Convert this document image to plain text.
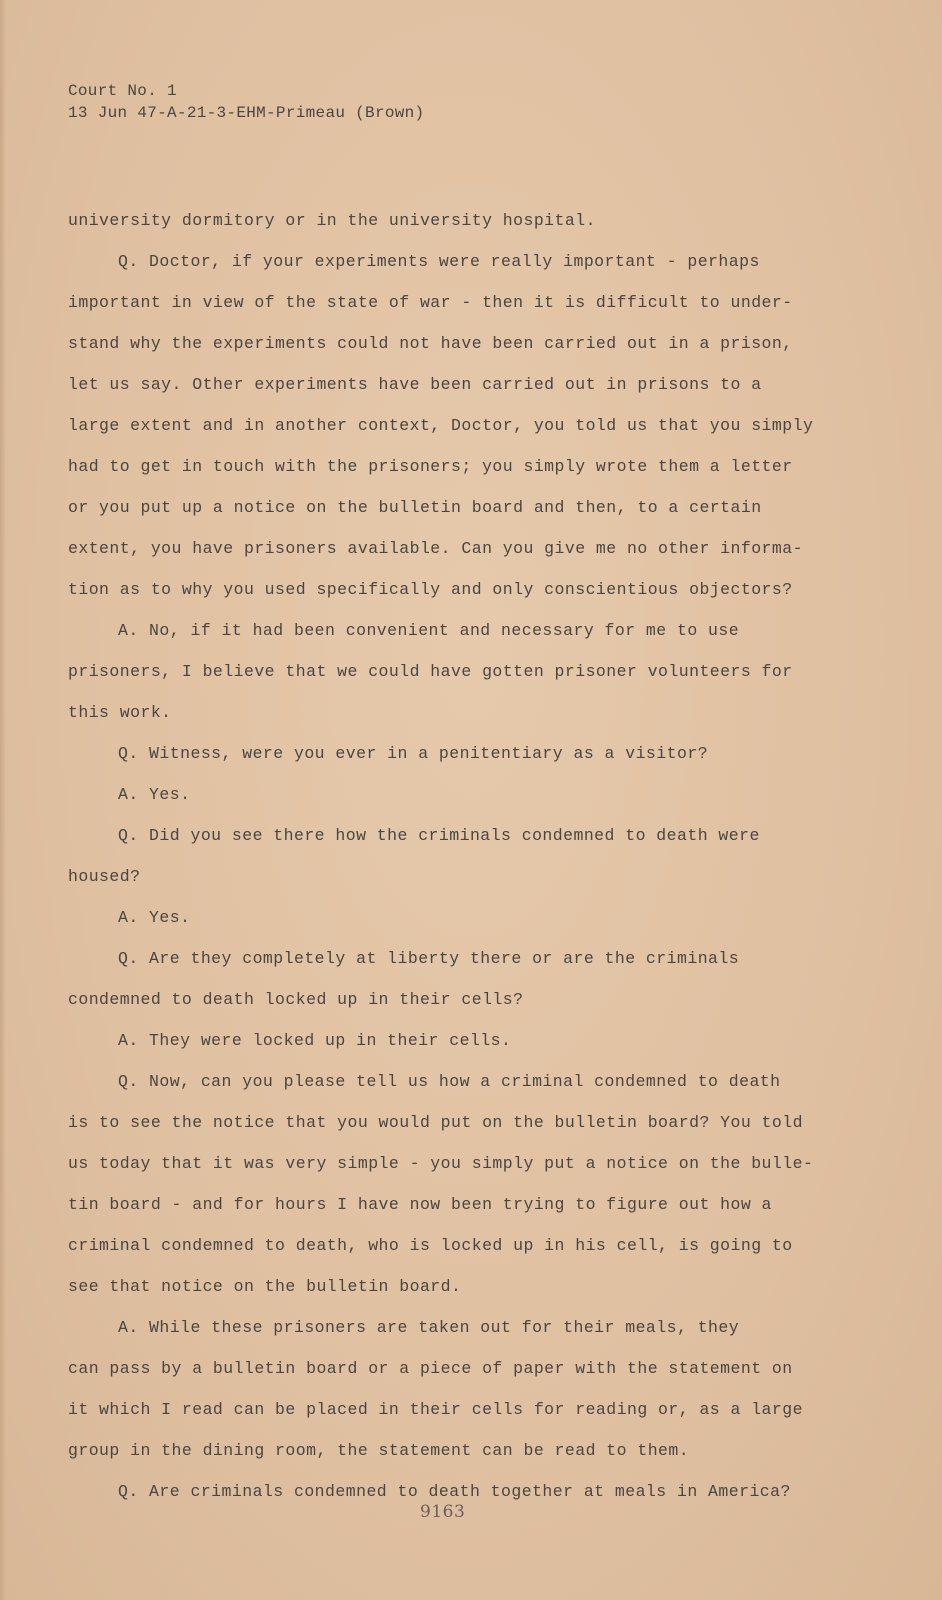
Court No. 1
13 Jun 47-A-21-3-EHM-Primeau (Brown)
university dormitory or in the university hospital.
Q. Doctor, if your experiments were really important - perhaps
important in view of the state of war - then it is difficult to under-
stand why the experiments could not have been carried out in a prison,
let us say. Other experiments have been carried out in prisons to a
large extent and in another context, Doctor, you told us that you simply
had to get in touch with the prisoners; you simply wrote them a letter
or you put up a notice on the bulletin board and then, to a certain
extent, you have prisoners available. Can you give me no other informa-
tion as to why you used specifically and only conscientious objectors?
A. No, if it had been convenient and necessary for me to use
prisoners, I believe that we could have gotten prisoner volunteers for
this work.
Q. Witness, were you ever in a penitentiary as a visitor?
A. Yes.
Q. Did you see there how the criminals condemned to death were
housed?
A. Yes.
Q. Are they completely at liberty there or are the criminals
condemned to death locked up in their cells?
A. They were locked up in their cells.
Q. Now, can you please tell us how a criminal condemned to death
is to see the notice that you would put on the bulletin board? You told
us today that it was very simple - you simply put a notice on the bulle-
tin board - and for hours I have now been trying to figure out how a
criminal condemned to death, who is locked up in his cell, is going to
see that notice on the bulletin board.
A. While these prisoners are taken out for their meals, they
can pass by a bulletin board or a piece of paper with the statement on
it which I read can be placed in their cells for reading or, as a large
group in the dining room, the statement can be read to them.
Q. Are criminals condemned to death together at meals in America?
9163
